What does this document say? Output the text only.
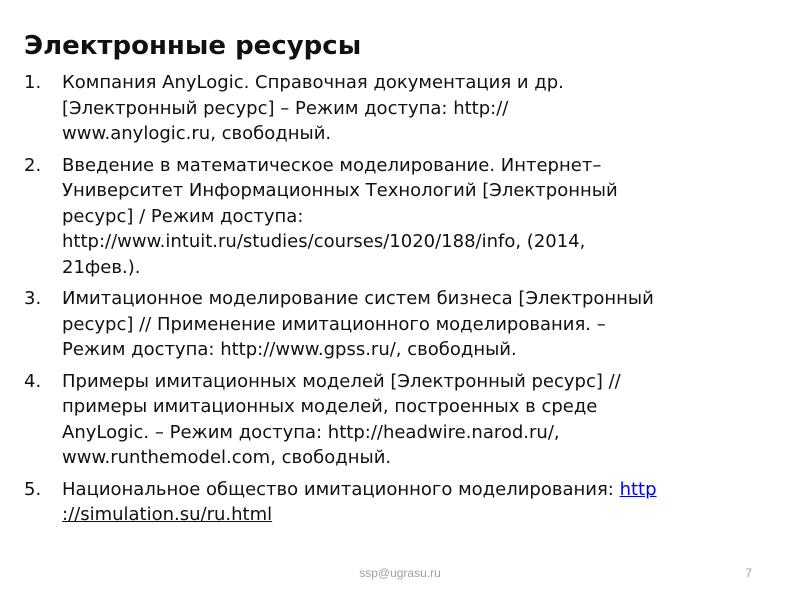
Электронные ресурсы
1. Компания AnyLogic. Справочная документация и др.
[Электронный ресурс] – Режим доступа: http://
www.anylogic.ru, свободный.
2. Введение в математическое моделирование. Интернет–
Университет Информационных Технологий [Электронный
ресурс] / Режим доступа:
http://www.intuit.ru/studies/courses/1020/188/info, (2014,
21фев.).
3. Имитационное моделирование систем бизнеса [Электронный
ресурс] // Применение имитационного моделирования. –
Режим доступа: http://www.gpss.ru/, свободный.
4. Примеры имитационных моделей [Электронный ресурс] //
примеры имитационных моделей, построенных в среде
AnyLogic. – Режим доступа: http://headwire.narod.ru/,
www.runthemodel.com, свободный.
5. Национальное общество имитационного моделирования: http
://simulation.su/ru.html
ssp@ugrasu.ru	7
